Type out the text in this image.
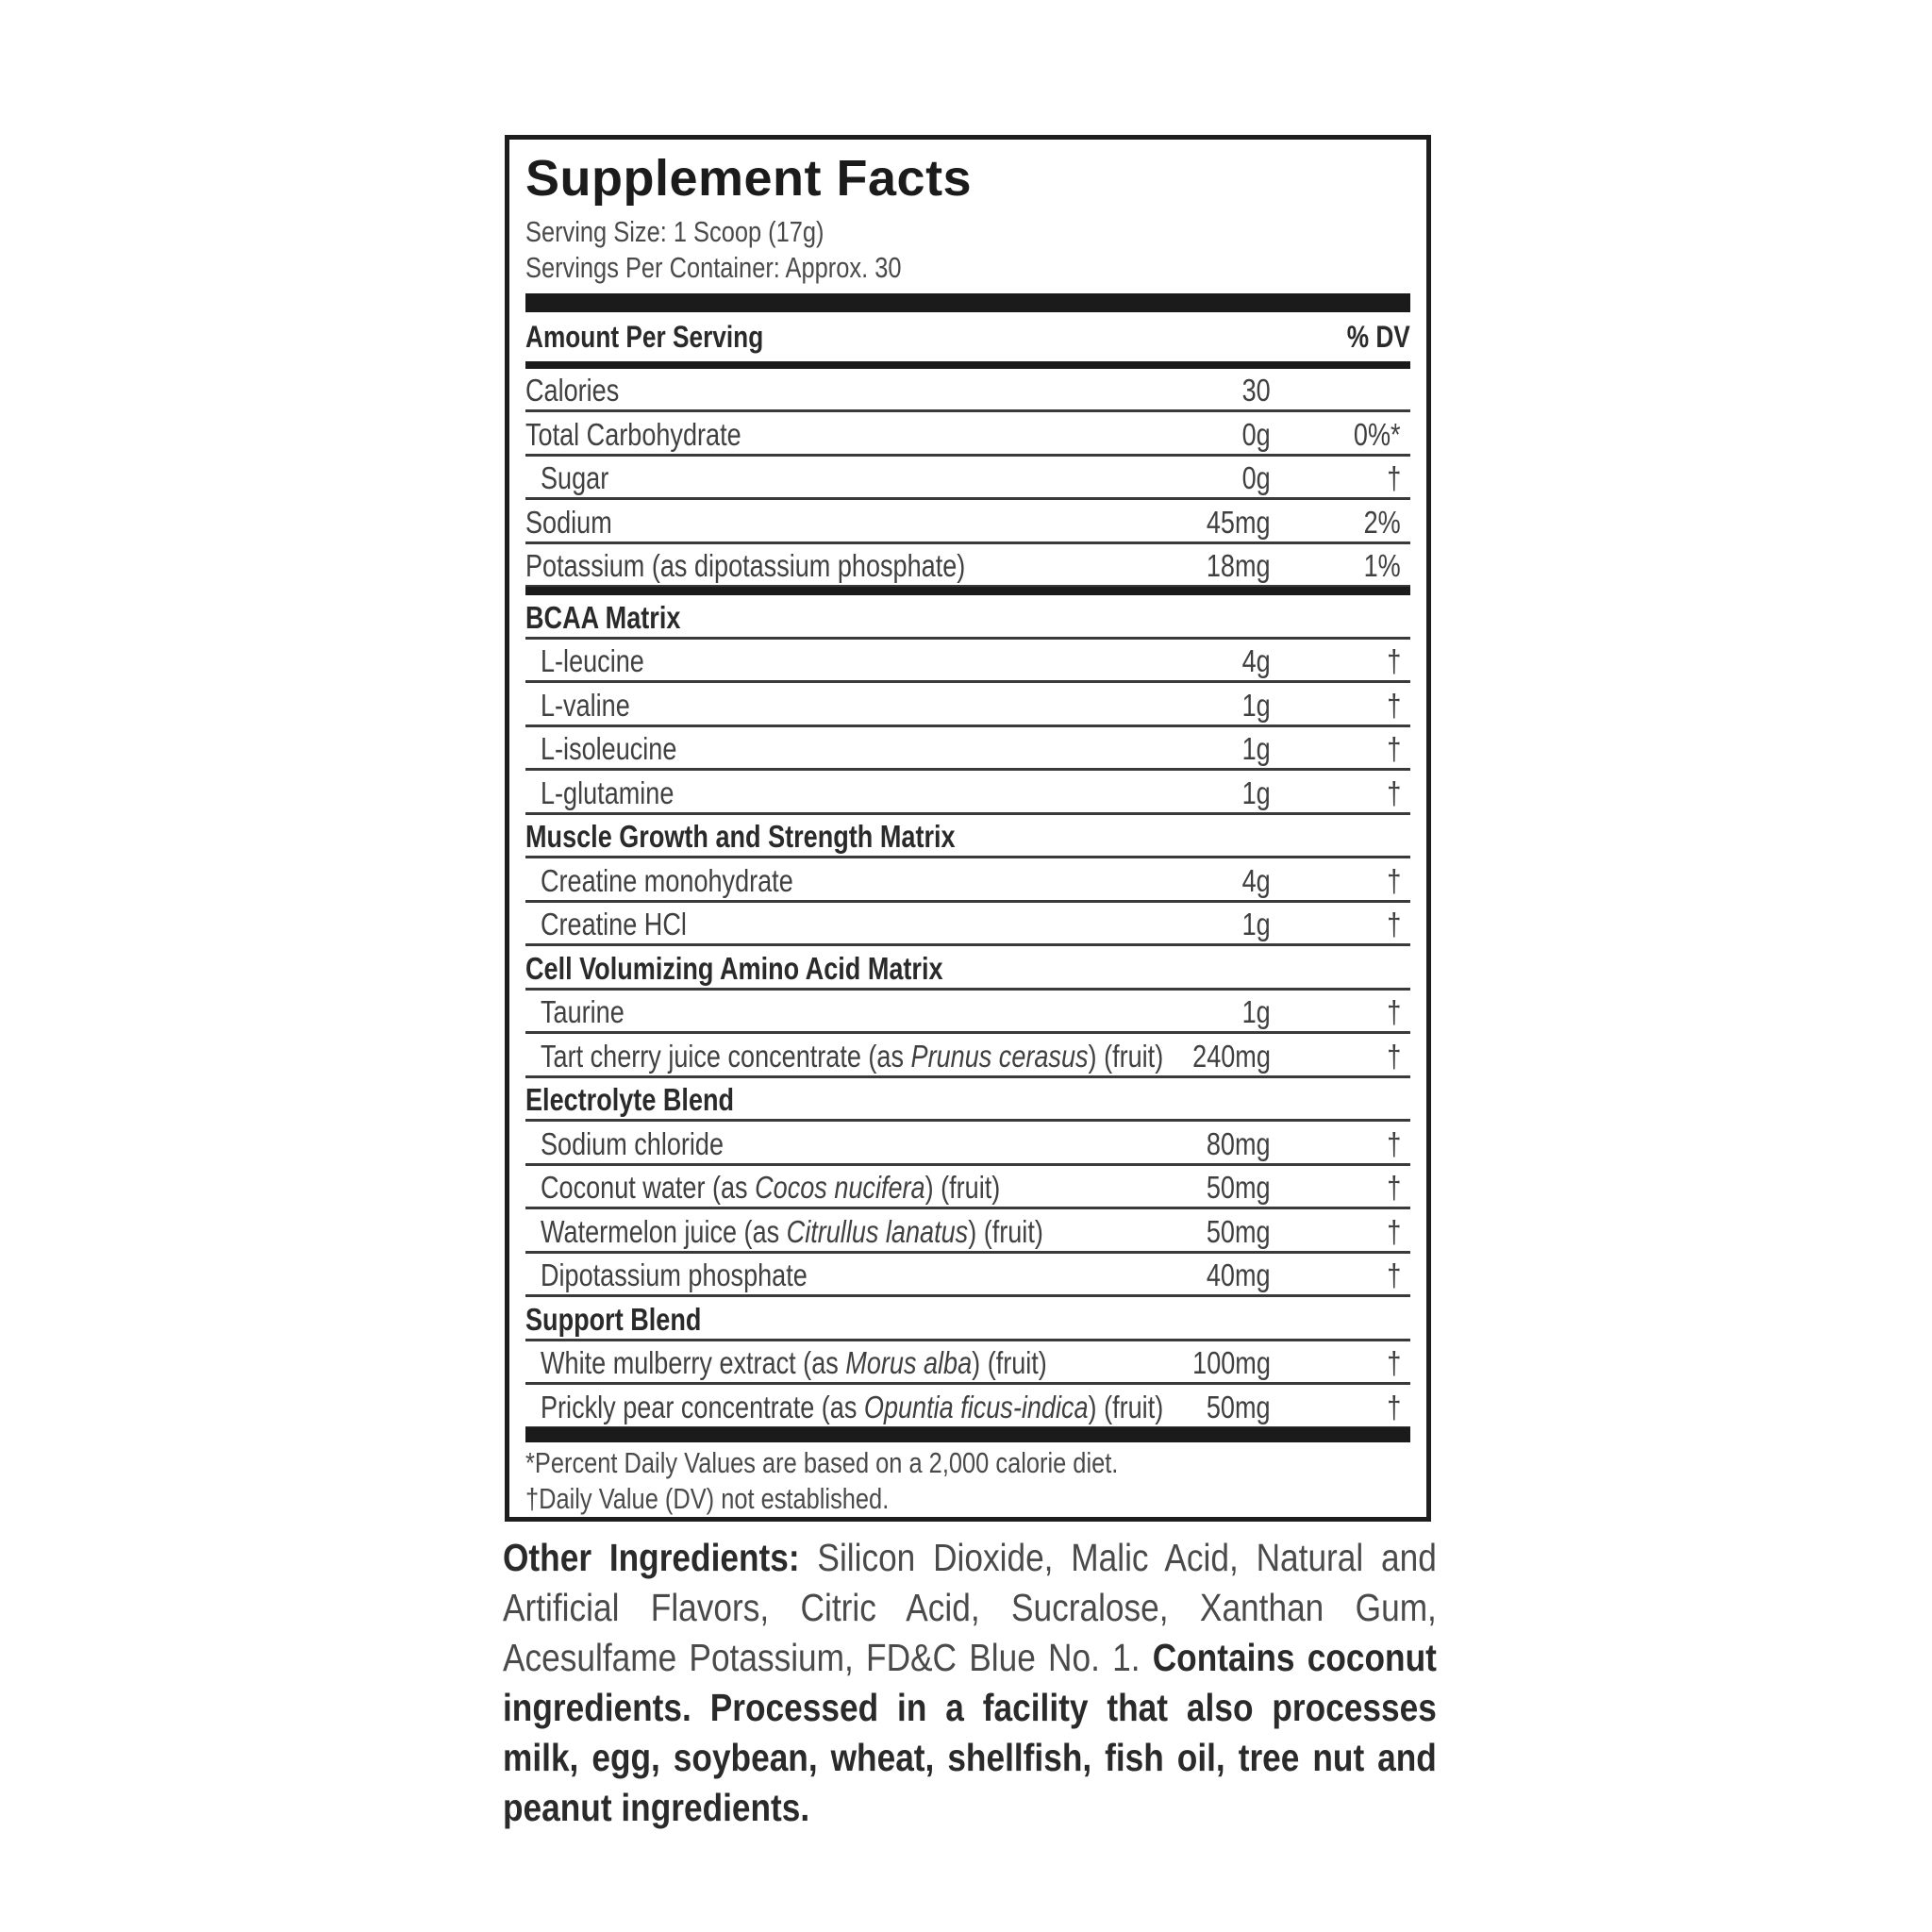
Supplement Facts
Serving Size: 1 Scoop (17g)
Servings Per Container: Approx. 30
Amount Per Serving	% DV
Calories	30
Total Carbohydrate	0g	0%*
Sugar	0g	†
Sodium	45mg	2%
Potassium (as dipotassium phosphate)	18mg	1%
BCAA Matrix
L-leucine	4g	†
L-valine	1g	†
L-isoleucine	1g	†
L-glutamine	1g	†
Muscle Growth and Strength Matrix
Creatine monohydrate	4g	†
Creatine HCl	1g	†
Cell Volumizing Amino Acid Matrix
Taurine	1g	†
Tart cherry juice concentrate (as Prunus cerasus) (fruit) 240mg	†
Electrolyte Blend
Sodium chloride	80mg	†
Coconut water (as Cocos nucifera) (fruit)	50mg	†
Watermelon juice (as Citrullus lanatus) (fruit)	50mg	†
Dipotassium phosphate	40mg	†
Support Blend
White mulberry extract (as Morus alba) (fruit)	100mg	†
Prickly pear concentrate (as Opuntia ficus-indica) (fruit) 50mg	†
*Percent Daily Values are based on a 2,000 calorie diet.
†Daily Value (DV) not established.
Other Ingredients: Silicon Dioxide, Malic Acid, Natural and Artificial Flavors, Citric Acid, Sucralose, Xanthan Gum, Acesulfame Potassium, FD&C Blue No. 1. Contains coconut ingredients. Processed in a facility that also processes milk, egg, soybean, wheat, shellfish, fish oil, tree nut and peanut ingredients.
